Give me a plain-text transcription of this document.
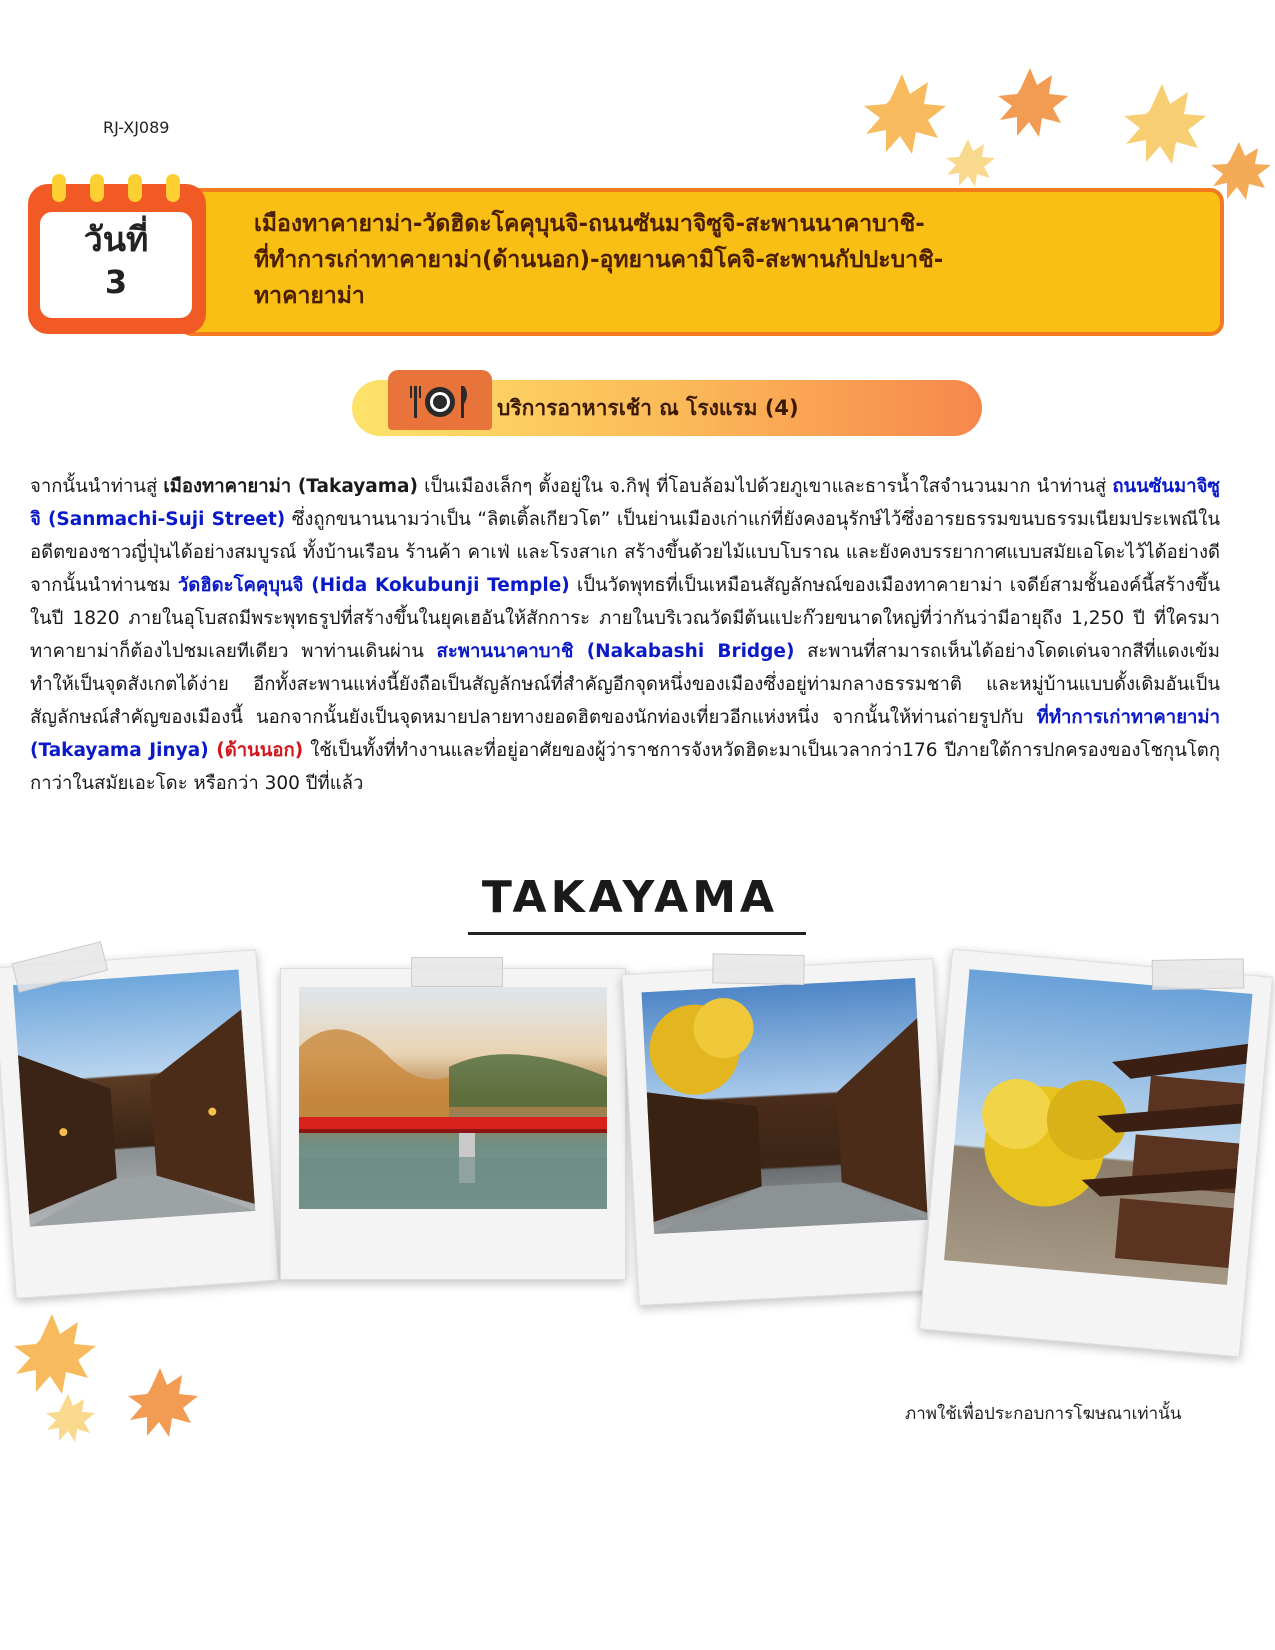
RJ-XJ089
เมืองทาคายาม่า-วัดฮิดะโคคุบุนจิ-ถนนซันมาจิซูจิ-สะพานนาคาบาชิ-
ที่ทำการเก่าทาคายาม่า(ด้านนอก)-อุทยานคามิโคจิ-สะพานกัปปะบาชิ-
ทาคายาม่า
วันที่
3
บริการอาหารเช้า ณ โรงแรม (4)

จากนั้นนำท่านสู่ เมืองทาคายาม่า (Takayama) เป็นเมืองเล็กๆ ตั้งอยู่ใน จ.กิฟุ ที่โอบล้อมไปด้วยภูเขาและธารน้ำใสจำนวนมาก นำท่านสู่ ถนนซันมาจิซูจิ (Sanmachi-Suji Street) ซึ่งถูกขนานนามว่าเป็น “ลิตเติ้ลเกียวโต” เป็นย่านเมืองเก่าแก่ที่ยังคงอนุรักษ์ไว้ซึ่งอารยธรรมขนบธรรมเนียมประเพณีในอดีตของชาวญี่ปุ่นได้อย่างสมบูรณ์ ทั้งบ้านเรือน ร้านค้า คาเฟ่ และโรงสาเก สร้างขึ้นด้วยไม้แบบโบราณ และยังคงบรรยากาศแบบสมัยเอโดะไว้ได้อย่างดี จากนั้นนำท่านชม วัดฮิดะโคคุบุนจิ (Hida Kokubunji Temple) เป็นวัดพุทธที่เป็นเหมือนสัญลักษณ์ของเมืองทาคายาม่า เจดีย์สามชั้นองค์นี้สร้างขึ้นในปี 1820 ภายในอุโบสถมีพระพุทธรูปที่สร้างขึ้นในยุคเฮอันให้สักการะ ภายในบริเวณวัดมีต้นแปะก๊วยขนาดใหญ่ที่ว่ากันว่ามีอายุถึง 1,250 ปี ที่ใครมาทาคายาม่าก็ต้องไปชมเลยทีเดียว พาท่านเดินผ่าน สะพานนาคาบาชิ (Nakabashi Bridge) สะพานที่สามารถเห็นได้อย่างโดดเด่นจากสีที่แดงเข้ม ทำให้เป็นจุดสังเกตได้ง่าย อีกทั้งสะพานแห่งนี้ยังถือเป็นสัญลักษณ์ที่สำคัญอีกจุดหนึ่งของเมืองซึ่งอยู่ท่ามกลางธรรมชาติ และหมู่บ้านแบบดั้งเดิมอันเป็นสัญลักษณ์สำคัญของเมืองนี้ นอกจากนั้นยังเป็นจุดหมายปลายทางยอดฮิตของนักท่องเที่ยวอีกแห่งหนึ่ง จากนั้นให้ท่านถ่ายรูปกับ ที่ทำการเก่าทาคายาม่า (Takayama Jinya) (ด้านนอก) ใช้เป็นทั้งที่ทำงานและที่อยู่อาศัยของผู้ว่าราชการจังหวัดฮิดะมาเป็นเวลากว่า176 ปีภายใต้การปกครองของโชกุนโตกุกาว่าในสมัยเอะโดะ หรือกว่า 300 ปีที่แล้ว

TAKAYAMA
ภาพใช้เพื่อประกอบการโฆษณาเท่านั้น
